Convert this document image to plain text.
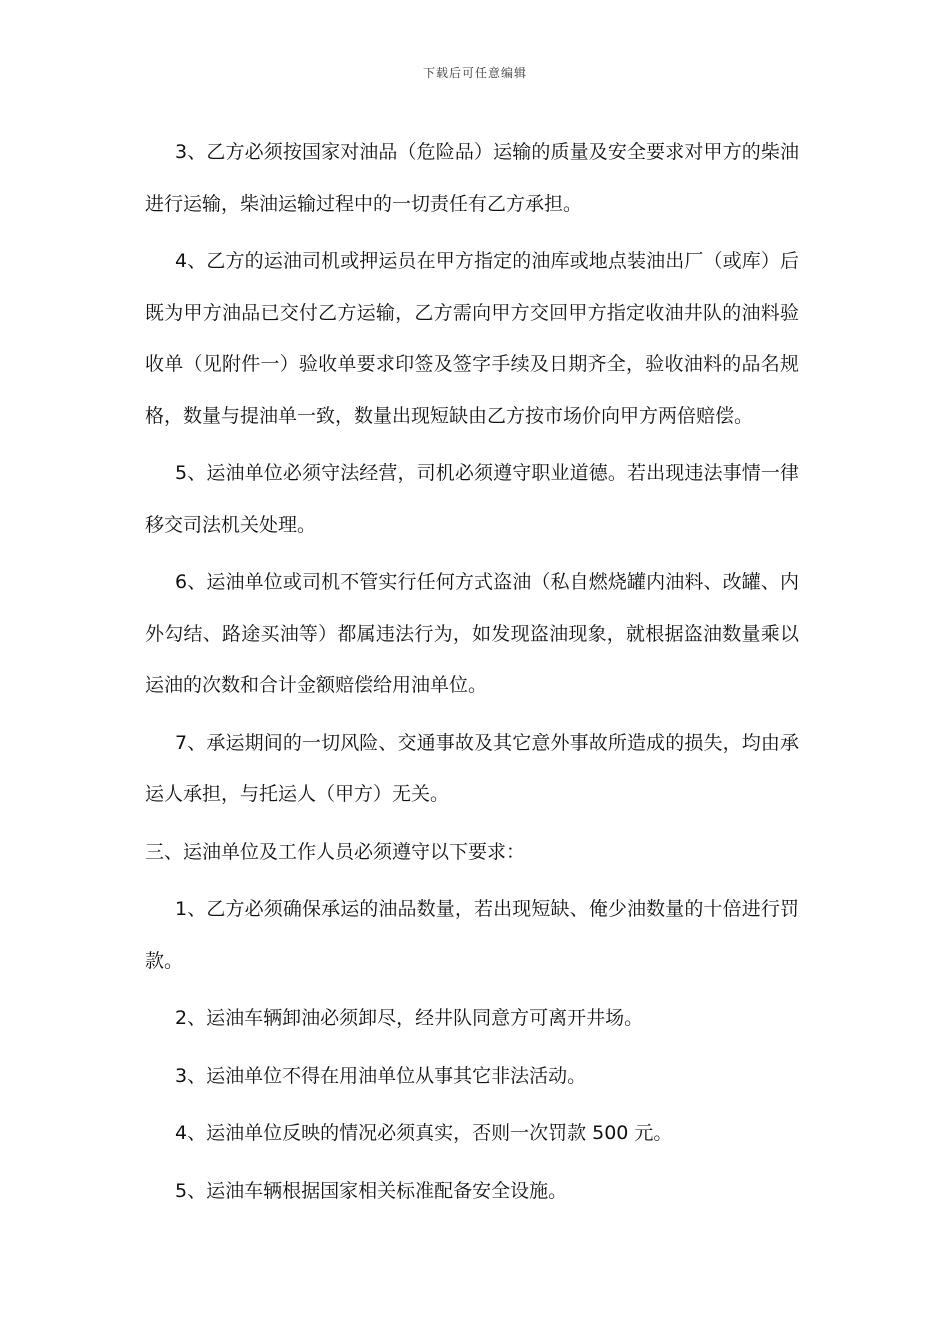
下载后可任意编辑

3、乙方必须按国家对油品（危险品）运输的质量及安全要求对甲方的柴油进行运输，柴油运输过程中的一切责任有乙方承担。

4、乙方的运油司机或押运员在甲方指定的油库或地点装油出厂（或库）后既为甲方油品已交付乙方运输，乙方需向甲方交回甲方指定收油井队的油料验收单（见附件一）验收单要求印签及签字手续及日期齐全，验收油料的品名规格，数量与提油单一致，数量出现短缺由乙方按市场价向甲方两倍赔偿。

5、运油单位必须守法经营，司机必须遵守职业道德。若出现违法事情一律移交司法机关处理。

6、运油单位或司机不管实行任何方式盗油（私自燃烧罐内油料、改罐、内外勾结、路途买油等）都属违法行为，如发现盗油现象，就根据盗油数量乘以运油的次数和合计金额赔偿给用油单位。

7、承运期间的一切风险、交通事故及其它意外事故所造成的损失，均由承运人承担，与托运人（甲方）无关。

三、运油单位及工作人员必须遵守以下要求：

1、乙方必须确保承运的油品数量，若出现短缺、俺少油数量的十倍进行罚款。

2、运油车辆卸油必须卸尽，经井队同意方可离开井场。

3、运油单位不得在用油单位从事其它非法活动。

4、运油单位反映的情况必须真实，否则一次罚款 500 元。

5、运油车辆根据国家相关标准配备安全设施。
